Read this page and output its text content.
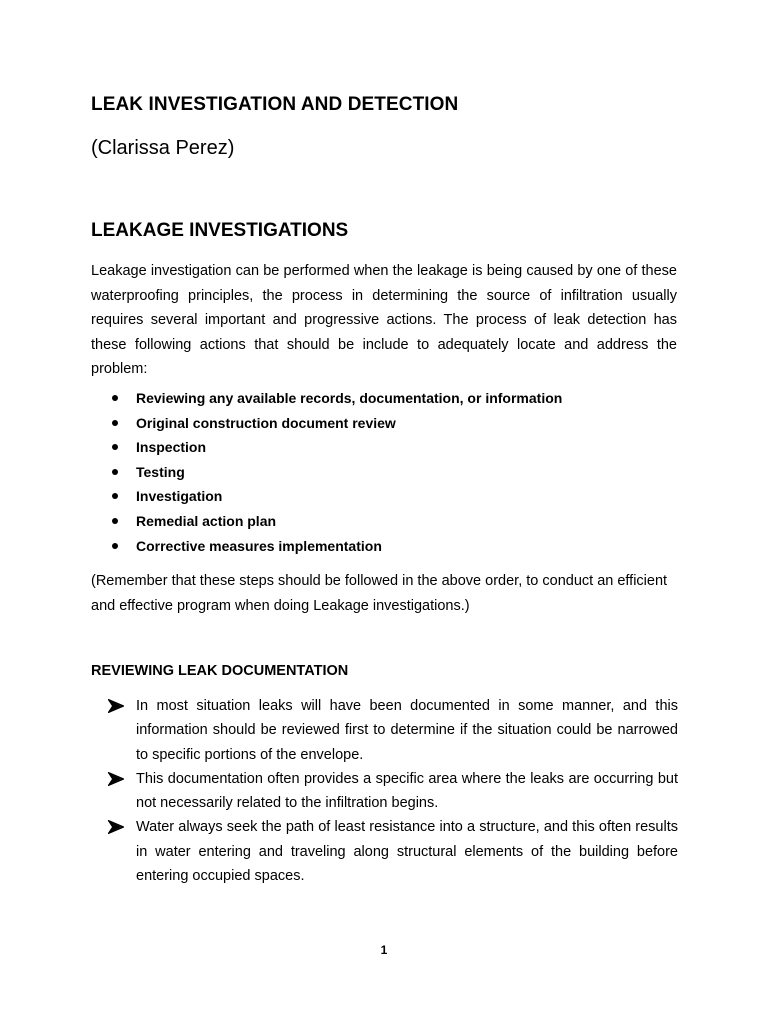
LEAK INVESTIGATION AND DETECTION
(Clarissa Perez)
LEAKAGE INVESTIGATIONS
Leakage investigation can be performed when the leakage is being caused by one of these waterproofing principles, the process in determining the source of infiltration usually requires several important and progressive actions. The process of leak detection has these following actions that should be include to adequately locate and address the problem:
Reviewing any available records, documentation, or information
Original construction document review
Inspection
Testing
Investigation
Remedial action plan
Corrective measures implementation
(Remember that these steps should be followed in the above order, to conduct an efficient and effective program when doing Leakage investigations.)
REVIEWING LEAK DOCUMENTATION
In most situation leaks will have been documented in some manner, and this information should be reviewed first to determine if the situation could be narrowed to specific portions of the envelope.
This documentation often provides a specific area where the leaks are occurring but not necessarily related to the infiltration begins.
Water always seek the path of least resistance into a structure, and this often results in water entering and traveling along structural elements of the building before entering occupied spaces.
1
